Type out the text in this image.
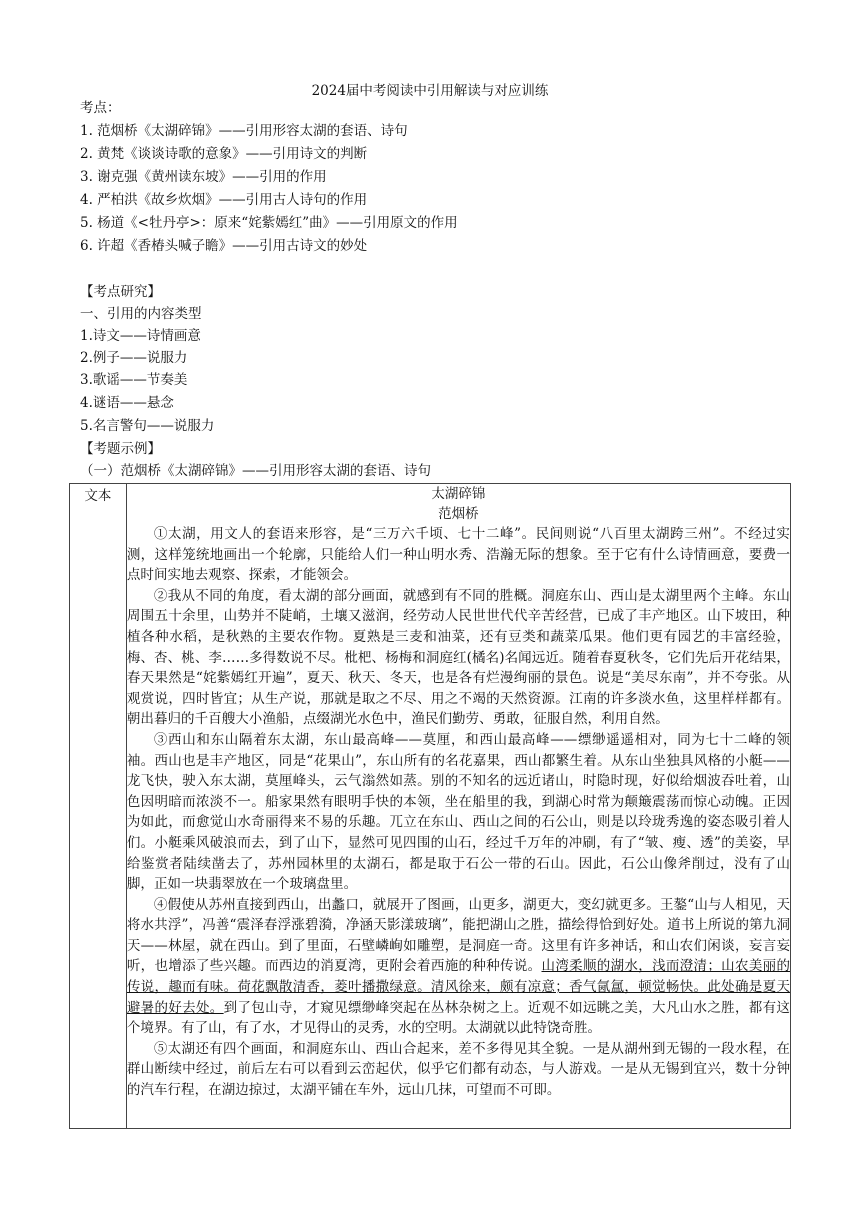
2024届中考阅读中引用解读与对应训练
考点：
1. 范烟桥《太湖碎锦》——引用形容太湖的套语、诗句
2. 黄梵《谈谈诗歌的意象》——引用诗文的判断
3. 谢克强《黄州读东坡》——引用的作用
4. 严柏洪《故乡炊烟》——引用古人诗句的作用
5. 杨道《<牡丹亭>：原来“姹紫嫣红”曲》——引用原文的作用
6. 许超《香椿头喊子瞻》——引用古诗文的妙处
【考点研究】
一、引用的内容类型
1.诗文——诗情画意
2.例子——说服力
3.歌谣——节奏美
4.谜语——悬念
5.名言警句——说服力
【考题示例】
（一）范烟桥《太湖碎锦》——引用形容太湖的套语、诗句
文本	太湖碎锦
范烟桥

①太湖，用文人的套语来形容，是“三万六千顷、七十二峰”。民间则说“八百里太湖跨三州”。不经过实测，这样笼统地画出一个轮廓，只能给人们一种山明水秀、浩瀚无际的想象。至于它有什么诗情画意，要费一点时间实地去观察、探索，才能领会。

②我从不同的角度，看太湖的部分画面，就感到有不同的胜概。洞庭东山、西山是太湖里两个主峰。东山周围五十余里，山势并不陡峭，土壤又滋润，经劳动人民世世代代辛苦经营，已成了丰产地区。山下坡田，种植各种水稻，是秋熟的主要农作物。夏熟是三麦和油菜，还有豆类和蔬菜瓜果。他们更有园艺的丰富经验，梅、杏、桃、李……多得数说不尽。枇杷、杨梅和洞庭红(橘名)名闻远近。随着春夏秋冬，它们先后开花结果，春天果然是“姹紫嫣红开遍”，夏天、秋天、冬天，也是各有烂漫绚丽的景色。说是“美尽东南”，并不夸张。从观赏说，四时皆宜；从生产说，那就是取之不尽、用之不竭的天然资源。江南的许多淡水鱼，这里样样都有。朝出暮归的千百艘大小渔船，点缀湖光水色中，渔民们勤劳、勇敢，征服自然，利用自然。

③西山和东山隔着东太湖，东山最高峰——莫厘，和西山最高峰——缥缈遥遥相对，同为七十二峰的领袖。西山也是丰产地区，同是“花果山”，东山所有的名花嘉果，西山都繁生着。从东山坐独具风格的小艇——龙飞快，驶入东太湖，莫厘峰头，云气滃然如蒸。别的不知名的远近诸山，时隐时现，好似给烟波吞吐着，山色因明暗而浓淡不一。船家果然有眼明手快的本领，坐在船里的我，到湖心时常为颠簸震荡而惊心动魄。正因为如此，而愈觉山水奇丽得来不易的乐趣。兀立在东山、西山之间的石公山，则是以玲珑秀逸的姿态吸引着人们。小艇乘风破浪而去，到了山下，显然可见四围的山石，经过千万年的冲刷，有了“皱、瘦、透”的美姿，早给鉴赏者陆续凿去了，苏州园林里的太湖石，都是取于石公一带的石山。因此，石公山像斧削过，没有了山脚，正如一块翡翠放在一个玻璃盘里。

④假使从苏州直接到西山，出蠡口，就展开了图画，山更多，湖更大，变幻就更多。王鏊“山与人相见，天将水共浮”，冯善“震泽春浮涨碧漪，净涵天影漾玻璃”，能把湖山之胜，描绘得恰到好处。道书上所说的第九洞天——林屋，就在西山。到了里面，石壁嶙峋如雕塑，是洞庭一奇。这里有许多神话，和山农们闲谈，妄言妄听，也增添了些兴趣。而西边的消夏湾，更附会着西施的种种传说。山湾柔顺的湖水，浅而澄清；山农美丽的传说，趣而有味。荷花飘散清香，菱叶播撒绿意。清风徐来，颇有凉意；香气氤氲，顿觉畅快。此处确是夏天避暑的好去处。到了包山寺，才窥见缥缈峰突起在丛林杂树之上。近观不如远眺之美，大凡山水之胜，都有这个境界。有了山，有了水，才见得山的灵秀，水的空明。太湖就以此特饶奇胜。

⑤太湖还有四个画面，和洞庭东山、西山合起来，差不多得见其全貌。一是从湖州到无锡的一段水程，在群山断续中经过，前后左右可以看到云峦起伏，似乎它们都有动态，与人游戏。一是从无锡到宜兴，数十分钟的汽车行程，在湖边掠过，太湖平铺在车外，远山几抹，可望而不可即。
